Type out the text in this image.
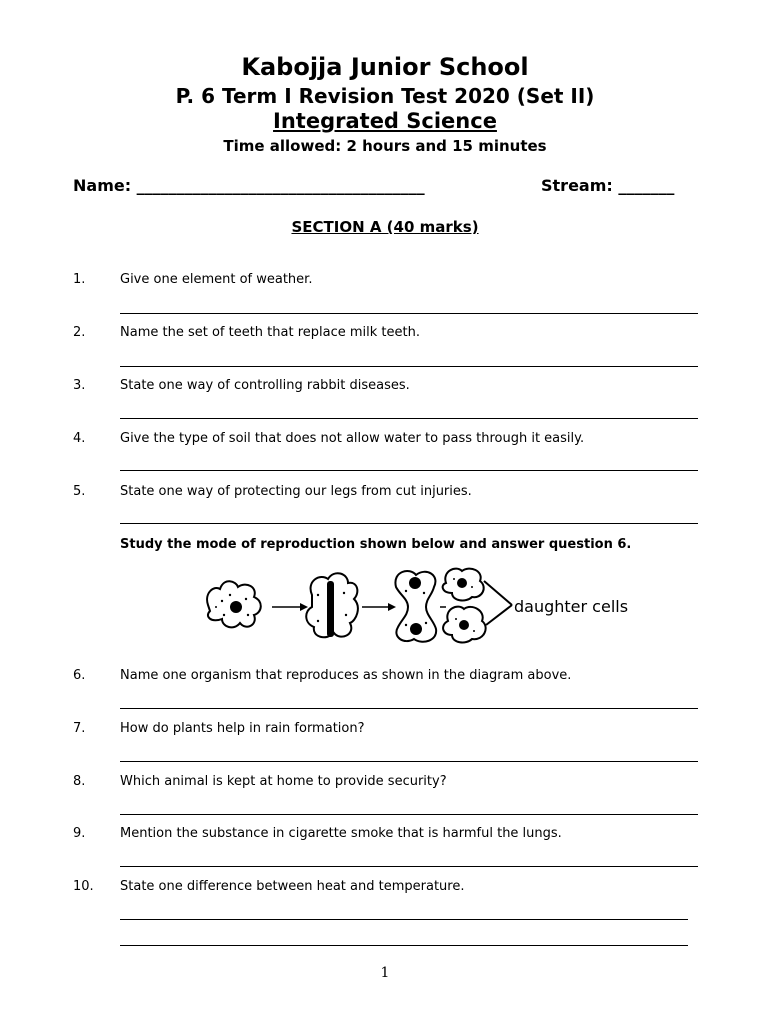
Kabojja Junior School
P. 6 Term I Revision Test 2020 (Set II)
Integrated Science
Time allowed: 2 hours and 15 minutes
Name: ____________________________________	Stream: _______
SECTION A (40 marks)
1.	Give one element of weather.
2.	Name the set of teeth that replace milk teeth.
3.	State one way of controlling rabbit diseases.
4.	Give the type of soil that does not allow water to pass through it easily.
5.	State one way of protecting our legs from cut injuries.
Study the mode of reproduction shown below and answer question 6.
daughter cells
6.	Name one organism that reproduces as shown in the diagram above.
7.	How do plants help in rain formation?
8.	Which animal is kept at home to provide security?
9.	Mention the substance in cigarette smoke that is harmful the lungs.
10. State one difference between heat and temperature.
1
